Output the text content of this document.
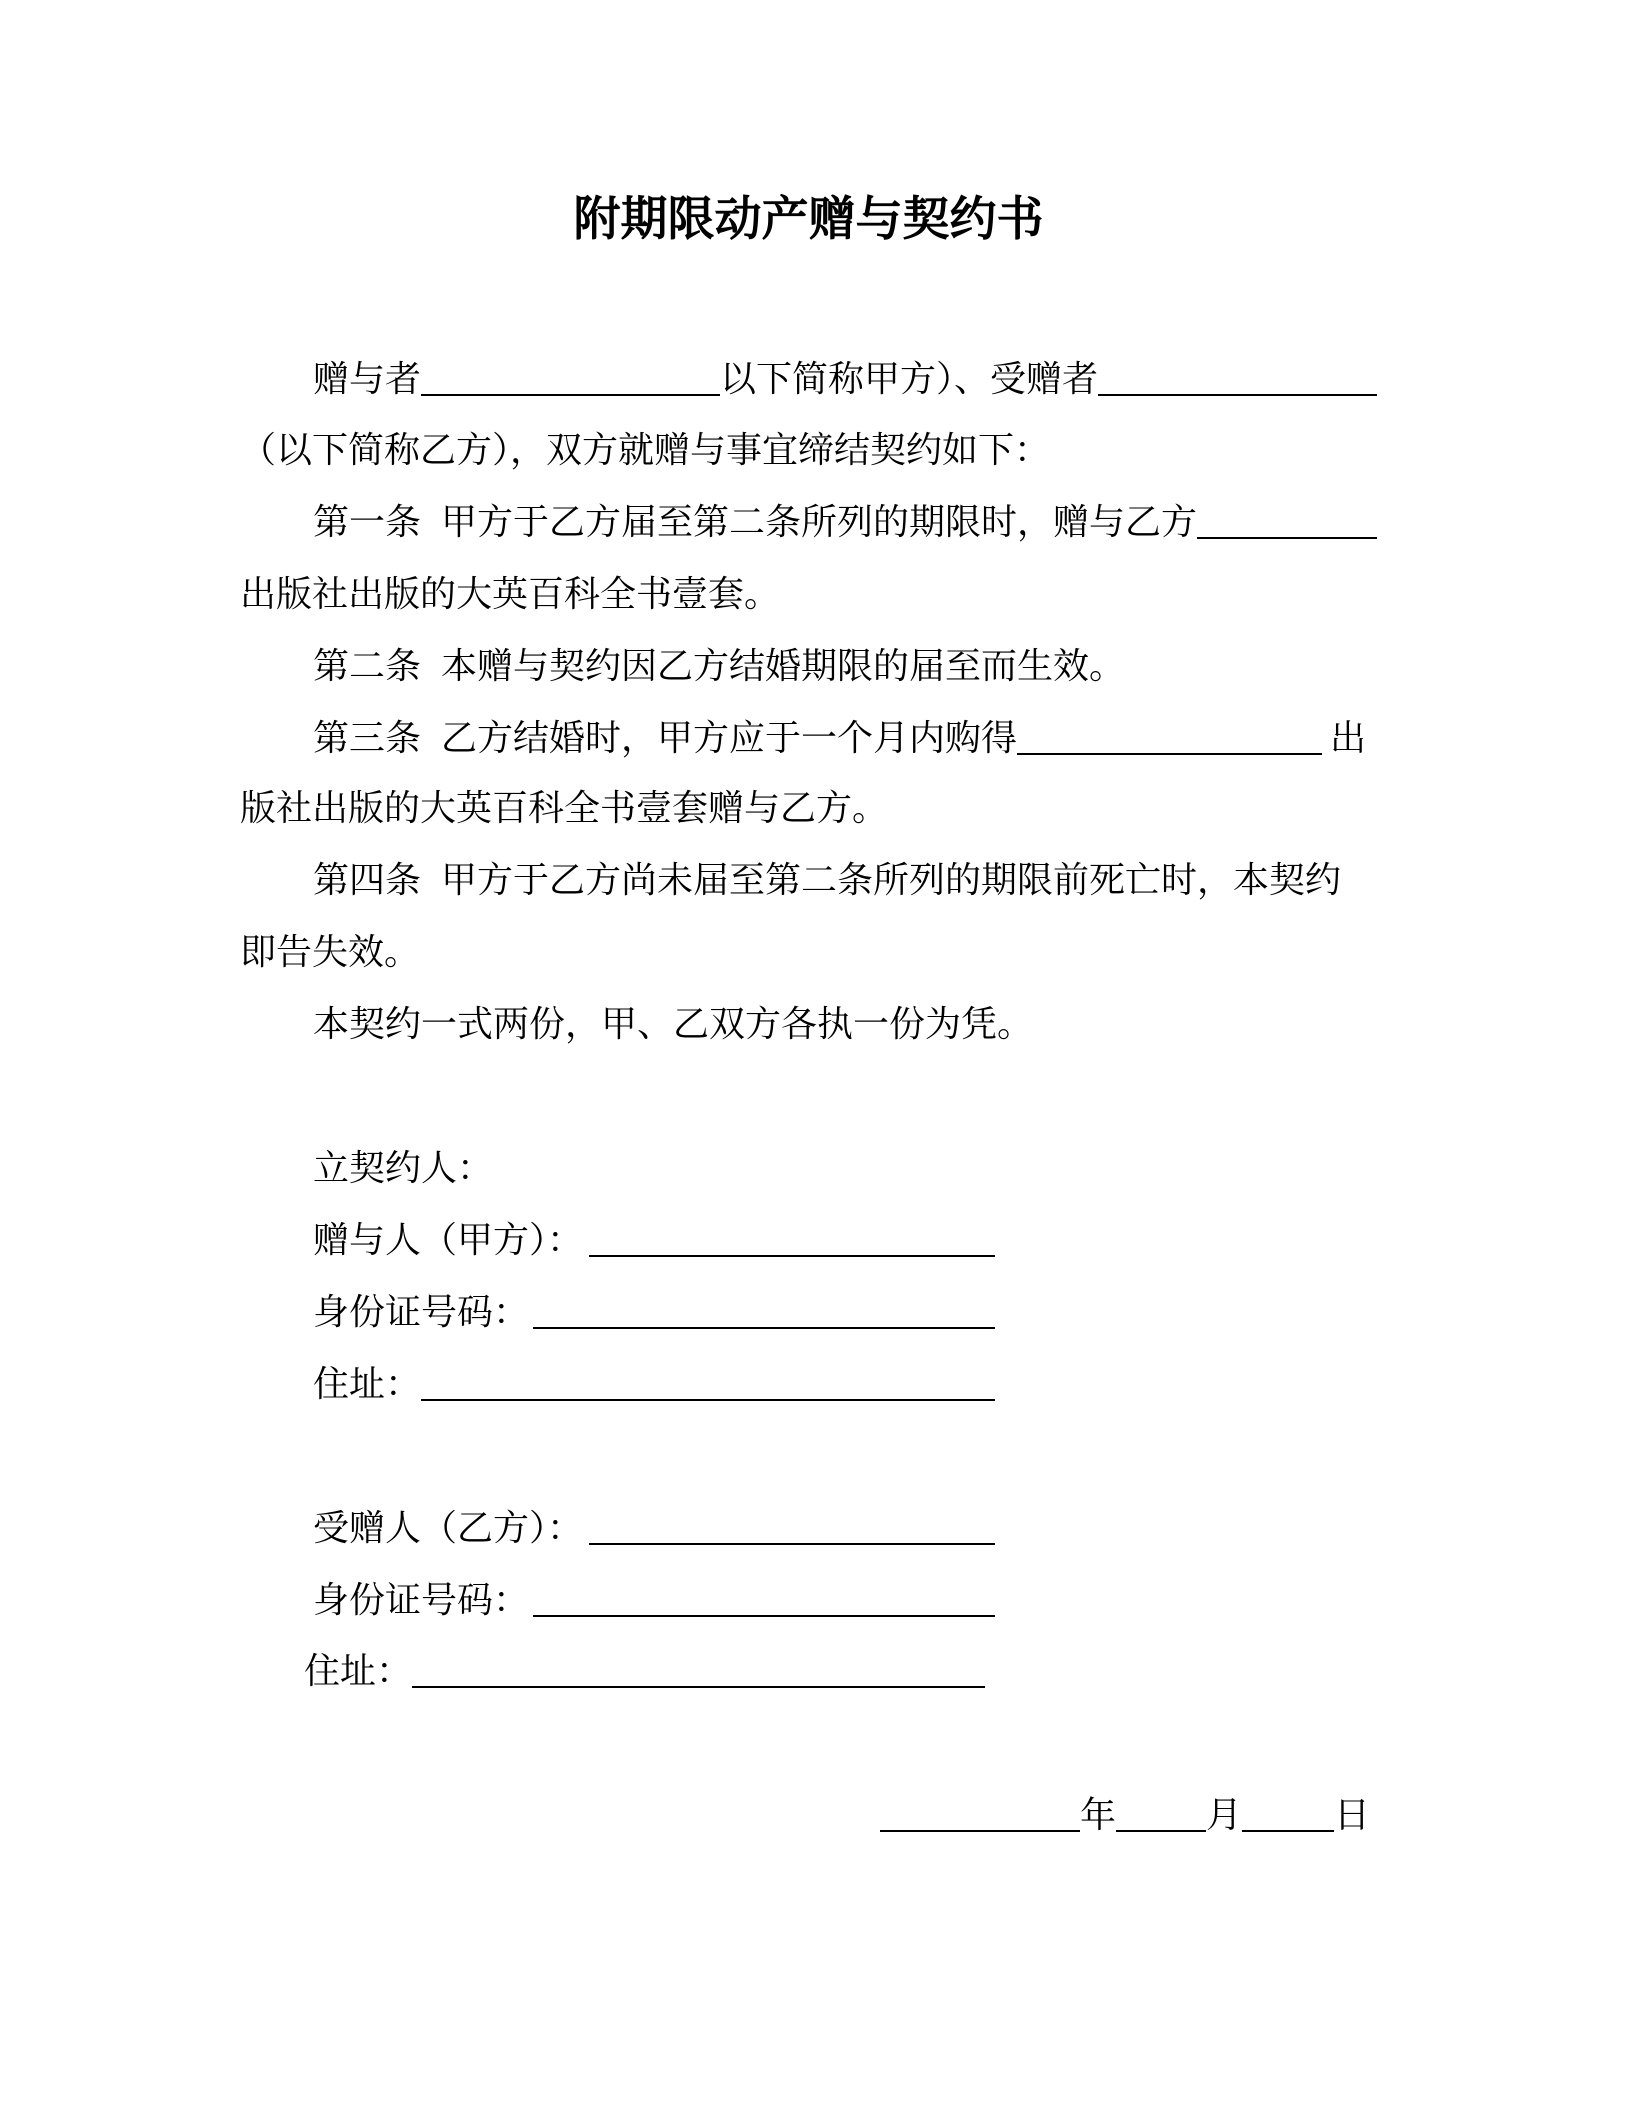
附期限动产赠与契约书
赠与者	以下简称甲方）、受赠者
（以下简称乙方），双方就赠与事宜缔结契约如下：
第一条 甲方于乙方届至第二条所列的期限时，赠与乙方
出版社出版的大英百科全书壹套。
第二条 本赠与契约因乙方结婚期限的届至而生效。
第三条 乙方结婚时，甲方应于一个月内购得	出
版社出版的大英百科全书壹套赠与乙方。
第四条 甲方于乙方尚未届至第二条所列的期限前死亡时，本契约
即告失效。
本契约一式两份，甲、乙双方各执一份为凭。
立契约人：
赠与人（甲方）：
身份证号码：
住址：
受赠人（乙方）：
身份证号码：
住址：
年	月	日
